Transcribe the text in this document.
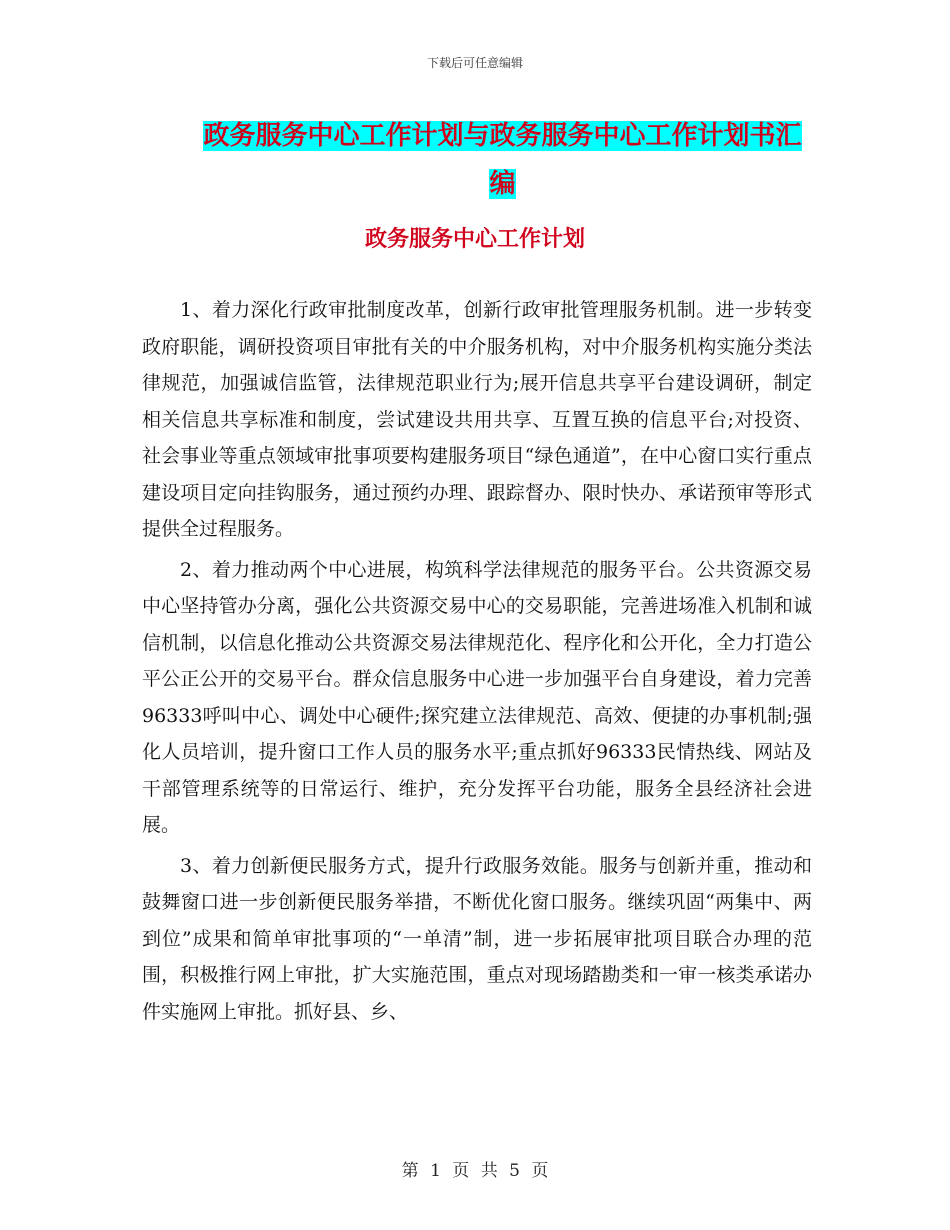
下载后可任意编辑
政务服务中心工作计划与政务服务中心工作计划书汇
编
政务服务中心工作计划

1、着力深化行政审批制度改革，创新行政审批管理服务机制。进一步转变政府职能，调研投资项目审批有关的中介服务机构，对中介服务机构实施分类法律规范，加强诚信监管，法律规范职业行为;展开信息共享平台建设调研，制定相关信息共享标准和制度，尝试建设共用共享、互置互换的信息平台;对投资、社会事业等重点领域审批事项要构建服务项目“绿色通道”，在中心窗口实行重点建设项目定向挂钩服务，通过预约办理、跟踪督办、限时快办、承诺预审等形式提供全过程服务。

2、着力推动两个中心进展，构筑科学法律规范的服务平台。公共资源交易中心坚持管办分离，强化公共资源交易中心的交易职能，完善进场准入机制和诚信机制，以信息化推动公共资源交易法律规范化、程序化和公开化，全力打造公平公正公开的交易平台。群众信息服务中心进一步加强平台自身建设，着力完善96333呼叫中心、调处中心硬件;探究建立法律规范、高效、便捷的办事机制;强化人员培训，提升窗口工作人员的服务水平;重点抓好96333民情热线、网站及干部管理系统等的日常运行、维护，充分发挥平台功能，服务全县经济社会进展。

3、着力创新便民服务方式，提升行政服务效能。服务与创新并重，推动和鼓舞窗口进一步创新便民服务举措，不断优化窗口服务。继续巩固“两集中、两到位”成果和简单审批事项的“一单清”制，进一步拓展审批项目联合办理的范围，积极推行网上审批，扩大实施范围，重点对现场踏勘类和一审一核类承诺办件实施网上审批。抓好县、乡、

第 1 页 共 5 页
